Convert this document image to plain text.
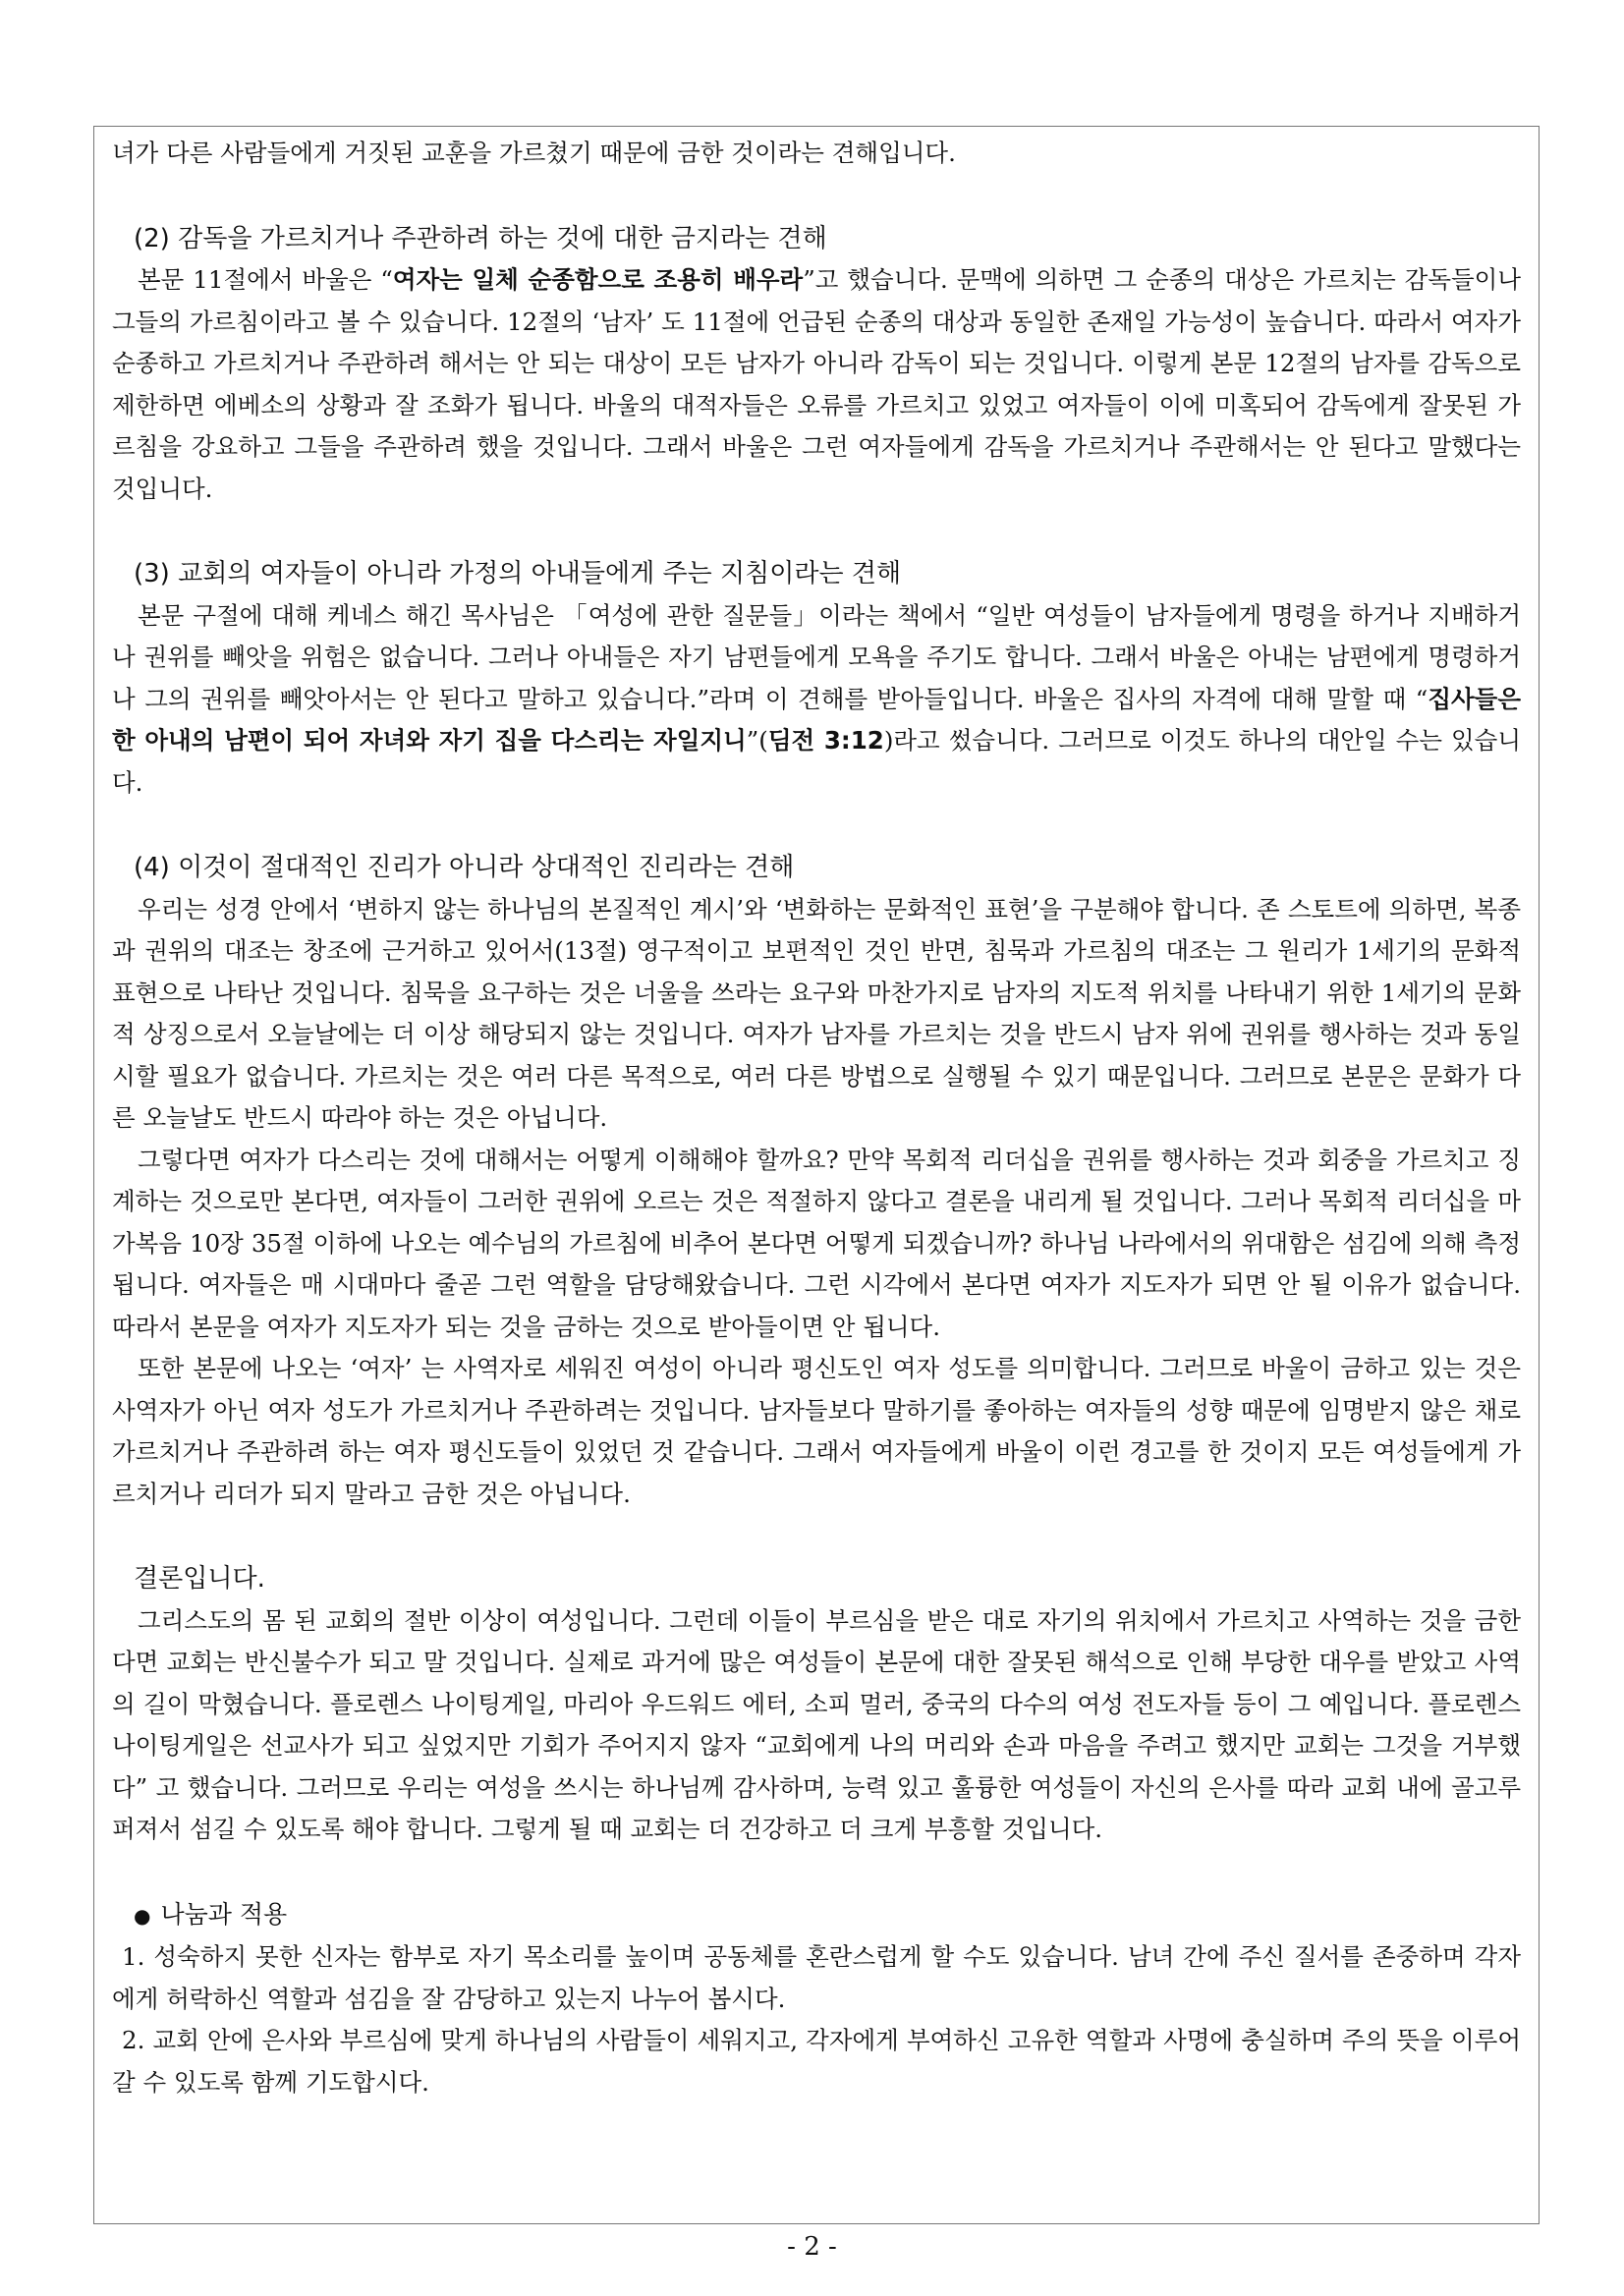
녀가 다른 사람들에게 거짓된 교훈을 가르쳤기 때문에 금한 것이라는 견해입니다.

(2) 감독을 가르치거나 주관하려 하는 것에 대한 금지라는 견해

본문 11절에서 바울은 “여자는 일체 순종함으로 조용히 배우라”고 했습니다. 문맥에 의하면 그 순종의 대상은 가르치는 감독들이나 그들의 가르침이라고 볼 수 있습니다. 12절의 ‘남자’ 도 11절에 언급된 순종의 대상과 동일한 존재일 가능성이 높습니다. 따라서 여자가 순종하고 가르치거나 주관하려 해서는 안 되는 대상이 모든 남자가 아니라 감독이 되는 것입니다. 이렇게 본문 12절의 남자를 감독으로 제한하면 에베소의 상황과 잘 조화가 됩니다. 바울의 대적자들은 오류를 가르치고 있었고 여자들이 이에 미혹되어 감독에게 잘못된 가르침을 강요하고 그들을 주관하려 했을 것입니다. 그래서 바울은 그런 여자들에게 감독을 가르치거나 주관해서는 안 된다고 말했다는 것입니다.

(3) 교회의 여자들이 아니라 가정의 아내들에게 주는 지침이라는 견해

본문 구절에 대해 케네스 해긴 목사님은 「여성에 관한 질문들」이라는 책에서 “일반 여성들이 남자들에게 명령을 하거나 지배하거나 권위를 빼앗을 위험은 없습니다. 그러나 아내들은 자기 남편들에게 모욕을 주기도 합니다. 그래서 바울은 아내는 남편에게 명령하거나 그의 권위를 빼앗아서는 안 된다고 말하고 있습니다.”라며 이 견해를 받아들입니다. 바울은 집사의 자격에 대해 말할 때 “집사들은 한 아내의 남편이 되어 자녀와 자기 집을 다스리는 자일지니”(딤전 3:12)라고 썼습니다. 그러므로 이것도 하나의 대안일 수는 있습니다.

(4) 이것이 절대적인 진리가 아니라 상대적인 진리라는 견해

우리는 성경 안에서 ‘변하지 않는 하나님의 본질적인 계시’와 ‘변화하는 문화적인 표현’을 구분해야 합니다. 존 스토트에 의하면, 복종과 권위의 대조는 창조에 근거하고 있어서(13절) 영구적이고 보편적인 것인 반면, 침묵과 가르침의 대조는 그 원리가 1세기의 문화적 표현으로 나타난 것입니다. 침묵을 요구하는 것은 너울을 쓰라는 요구와 마찬가지로 남자의 지도적 위치를 나타내기 위한 1세기의 문화적 상징으로서 오늘날에는 더 이상 해당되지 않는 것입니다. 여자가 남자를 가르치는 것을 반드시 남자 위에 권위를 행사하는 것과 동일시할 필요가 없습니다. 가르치는 것은 여러 다른 목적으로, 여러 다른 방법으로 실행될 수 있기 때문입니다. 그러므로 본문은 문화가 다른 오늘날도 반드시 따라야 하는 것은 아닙니다.

그렇다면 여자가 다스리는 것에 대해서는 어떻게 이해해야 할까요? 만약 목회적 리더십을 권위를 행사하는 것과 회중을 가르치고 징계하는 것으로만 본다면, 여자들이 그러한 권위에 오르는 것은 적절하지 않다고 결론을 내리게 될 것입니다. 그러나 목회적 리더십을 마가복음 10장 35절 이하에 나오는 예수님의 가르침에 비추어 본다면 어떻게 되겠습니까? 하나님 나라에서의 위대함은 섬김에 의해 측정됩니다. 여자들은 매 시대마다 줄곧 그런 역할을 담당해왔습니다. 그런 시각에서 본다면 여자가 지도자가 되면 안 될 이유가 없습니다. 따라서 본문을 여자가 지도자가 되는 것을 금하는 것으로 받아들이면 안 됩니다.

또한 본문에 나오는 ‘여자’ 는 사역자로 세워진 여성이 아니라 평신도인 여자 성도를 의미합니다. 그러므로 바울이 금하고 있는 것은 사역자가 아닌 여자 성도가 가르치거나 주관하려는 것입니다. 남자들보다 말하기를 좋아하는 여자들의 성향 때문에 임명받지 않은 채로 가르치거나 주관하려 하는 여자 평신도들이 있었던 것 같습니다. 그래서 여자들에게 바울이 이런 경고를 한 것이지 모든 여성들에게 가르치거나 리더가 되지 말라고 금한 것은 아닙니다.

결론입니다.

그리스도의 몸 된 교회의 절반 이상이 여성입니다. 그런데 이들이 부르심을 받은 대로 자기의 위치에서 가르치고 사역하는 것을 금한다면 교회는 반신불수가 되고 말 것입니다. 실제로 과거에 많은 여성들이 본문에 대한 잘못된 해석으로 인해 부당한 대우를 받았고 사역의 길이 막혔습니다. 플로렌스 나이팅게일, 마리아 우드워드 에터, 소피 멀러, 중국의 다수의 여성 전도자들 등이 그 예입니다. 플로렌스 나이팅게일은 선교사가 되고 싶었지만 기회가 주어지지 않자 “교회에게 나의 머리와 손과 마음을 주려고 했지만 교회는 그것을 거부했다” 고 했습니다. 그러므로 우리는 여성을 쓰시는 하나님께 감사하며, 능력 있고 훌륭한 여성들이 자신의 은사를 따라 교회 내에 골고루 퍼져서 섬길 수 있도록 해야 합니다. 그렇게 될 때 교회는 더 건강하고 더 크게 부흥할 것입니다.

● 나눔과 적용

1. 성숙하지 못한 신자는 함부로 자기 목소리를 높이며 공동체를 혼란스럽게 할 수도 있습니다. 남녀 간에 주신 질서를 존중하며 각자에게 허락하신 역할과 섬김을 잘 감당하고 있는지 나누어 봅시다.

2. 교회 안에 은사와 부르심에 맞게 하나님의 사람들이 세워지고, 각자에게 부여하신 고유한 역할과 사명에 충실하며 주의 뜻을 이루어갈 수 있도록 함께 기도합시다.

- 2 -
